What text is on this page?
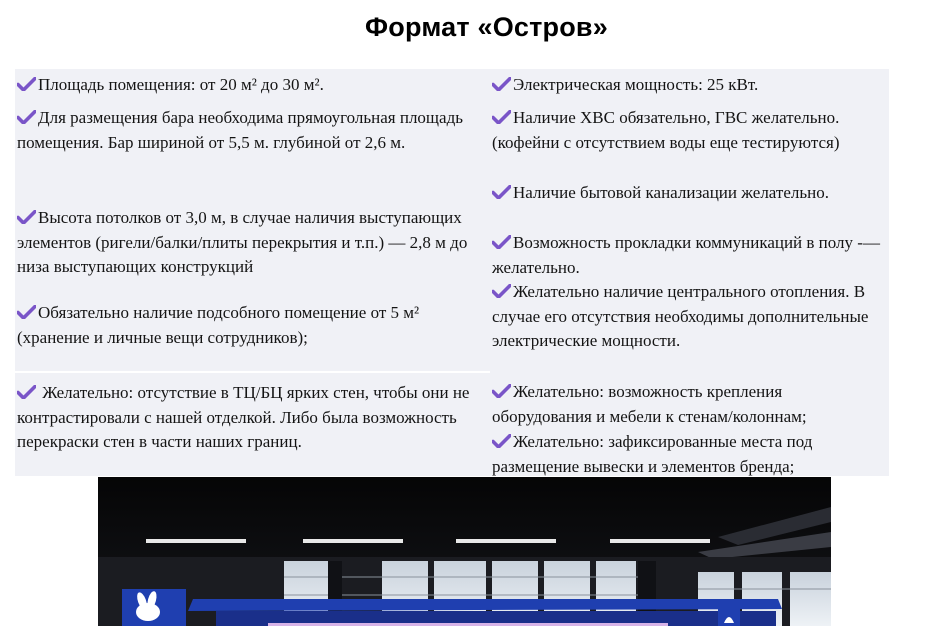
Формат «Остров»
Площадь помещения: от 20 м² до 30 м².
Для размещения бара необходима прямоугольная площадь помещения. Бар шириной от 5,5 м. глубиной от 2,6 м.
Высота потолков от 3,0 м, в случае наличия выступающих элементов (ригели/балки/плиты перекрытия и т.п.) — 2,8 м до низа выступающих конструкций
Обязательно наличие подсобного помещение от 5 м² (хранение и личные вещи сотрудников);
Желательно: отсутствие в ТЦ/БЦ ярких стен, чтобы они не контрастировали с нашей отделкой. Либо была возможность перекраски стен в части наших границ.
Электрическая мощность: 25 кВт.
Наличие ХВС обязательно, ГВС желательно. (кофейни с отсутствием воды еще тестируются)
Наличие бытовой канализации желательно.
Возможность прокладки коммуникаций в полу -— желательно.
Желательно наличие центрального отопления. В случае его отсутствия необходимы дополнительные электрические мощности.
Желательно: возможность крепления оборудования и мебели к стенам/колоннам;
Желательно: зафиксированные места под размещение вывески и элементов бренда;
